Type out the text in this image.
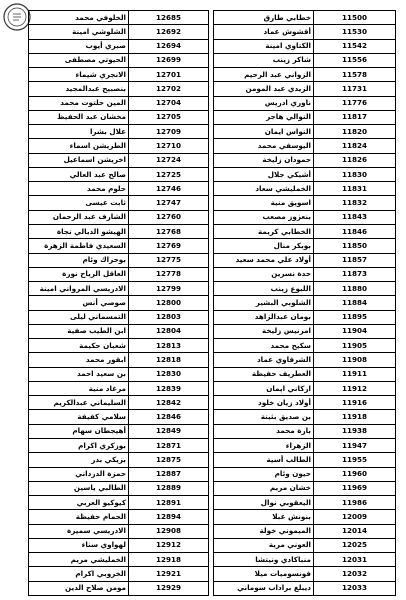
الخلوفي محمد	12685
الشلوشي امينة	12692
صبري أيوب	12694
الحيوتي مصطفى	12699
الانجري شيماء	12701
بنصبيح عبدالمجيد	12702
المين حلتوت محمد	12704
مخشان عبد الحفيظ	12705
علال بشرا	12709
الطريشن اسماء	12710
اخريشن اسماعيل	12724
صالح عبد العالي	12725
حلوم محمد	12746
ثابت عيسى	12747
الشارف عبد الرحمان	12760
الهيشو الدبالي نجاة	12768
السعيدي فاطمة الزهرة	12769
بوحراك وئام	12775
العاقل الرياح نورة	12778
الادريسي المرواني امينة	12799
صوصي أنس	12800
التمسماني ليلى	12803
ابن الطيب صفية	12804
شعبان حكيمة	12813
ابقور محمد	12818
بن سعيد احمد	12830
مرغاد منية	12839
السليماني عبدالكريم	12842
سلامي كفيفة	12846
أهيجطان سهام	12849
بوزكري اكرام	12871
بزيكي بدر	12875
حمزة الدرداني	12887
الطالبي ياسين	12889
كيوكيو العربي	12891
الحمام حفيظة	12894
الادريسي سميرة	12908
لهواوي سناء	12912
الخمليشي مريم	12918
الخروبي اكرام	12921
مومن صلاح الدين	12929
خطابي طارق	11500
أقشوش عماد	11530
الكتاوي امينة	11542
شاكر زينب	11556
الزواني عبد الرحيم	11578
الزيدي عبد المومن	11731
ناوري ادريس	11776
النوالي هاجر	11817
النواس ايمان	11820
اليوسفي محمد	11824
حمودان زليخة	11826
أشيكي جلال	11830
الخمليشي سعاد	11831
اسويق منية	11832
بنعزوز مصعب	11843
الخطابي كريمة	11846
بوبكر منال	11850
أولاد علي محمد سعيد	11857
حدة نسرين	11873
اللبوع زينب	11880
الشلوبي البشير	11884
بومان عبدالزاهد	11895
امرنيس زليخة	11904
سكيح محمد	11905
الشرقاوي عماد	11908
العطريف حفيظة	11911
اركاني ايمان	11912
أولاد زيان خلود	11916
بن صديق بثينة	11918
بارة محمد	11938
الزهراء	11947
الطالب أسية	11955
حيون وئام	11960
خشان مريم	11969
اليعقوبي نوال	11986
بنونش عبلا	12009
الميموني خولة	12014
العوني مرية	12025
منباكادي ونيتشا	12031
فونسوميات ميلا	12032
ديبلغ براداب سوماني	12033
